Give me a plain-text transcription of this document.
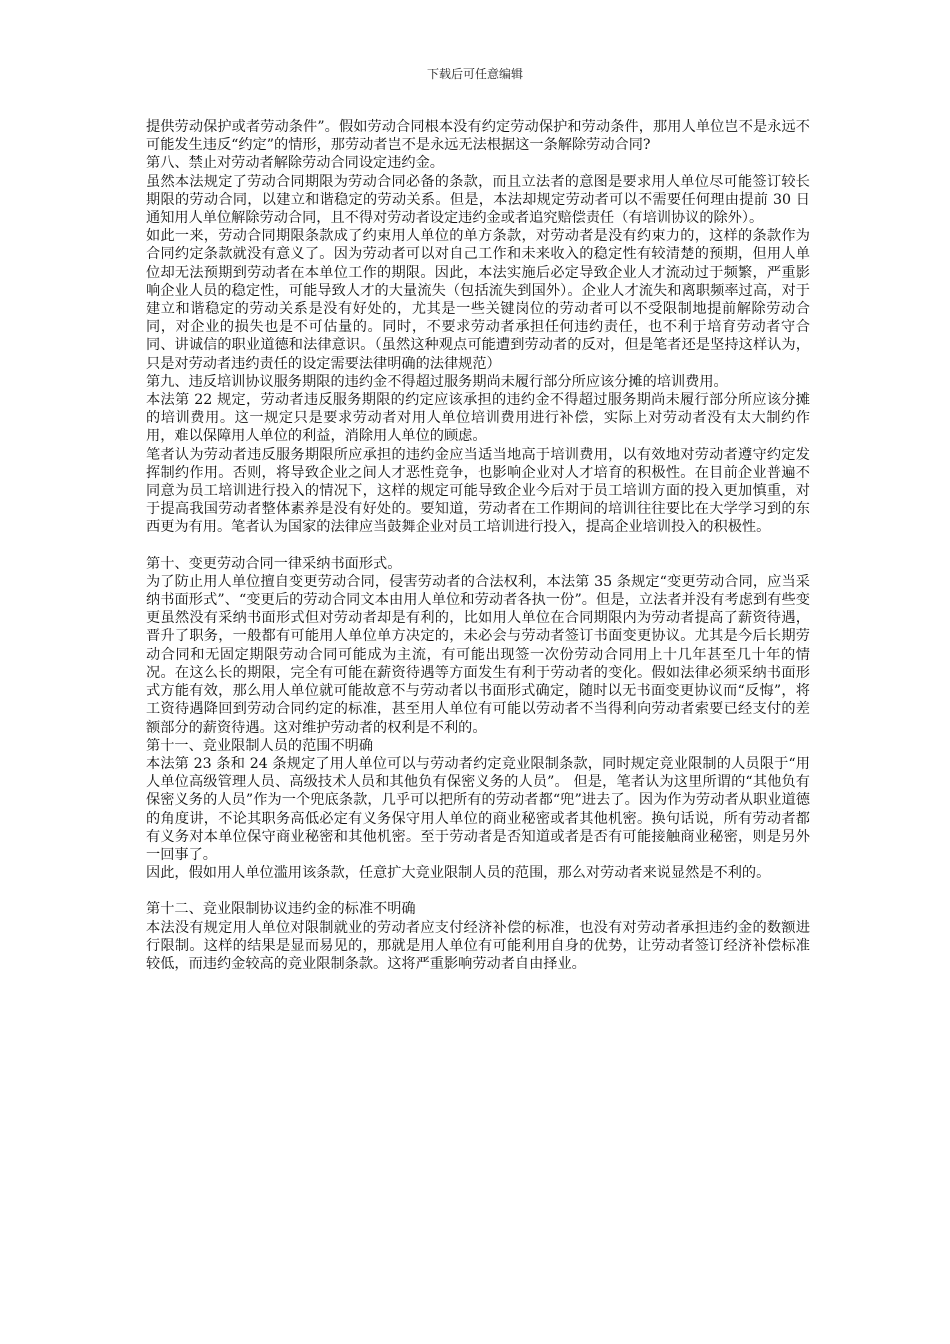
下载后可任意编辑

提供劳动保护或者劳动条件”。假如劳动合同根本没有约定劳动保护和劳动条件，那用人单位岂不是永远不可能发生违反“约定”的情形，那劳动者岂不是永远无法根据这一条解除劳动合同?

第八、禁止对劳动者解除劳动合同设定违约金。

虽然本法规定了劳动合同期限为劳动合同必备的条款，而且立法者的意图是要求用人单位尽可能签订较长期限的劳动合同，以建立和谐稳定的劳动关系。但是，本法却规定劳动者可以不需要任何理由提前 30 日通知用人单位解除劳动合同，且不得对劳动者设定违约金或者追究赔偿责任（有培训协议的除外）。

如此一来，劳动合同期限条款成了约束用人单位的单方条款，对劳动者是没有约束力的，这样的条款作为合同约定条款就没有意义了。因为劳动者可以对自己工作和未来收入的稳定性有较清楚的预期，但用人单位却无法预期到劳动者在本单位工作的期限。因此，本法实施后必定导致企业人才流动过于频繁，严重影响企业人员的稳定性，可能导致人才的大量流失（包括流失到国外）。企业人才流失和离职频率过高，对于建立和谐稳定的劳动关系是没有好处的，尤其是一些关键岗位的劳动者可以不受限制地提前解除劳动合同，对企业的损失也是不可估量的。同时，不要求劳动者承担任何违约责任，也不利于培育劳动者守合同、讲诚信的职业道德和法律意识。（虽然这种观点可能遭到劳动者的反对，但是笔者还是坚持这样认为，只是对劳动者违约责任的设定需要法律明确的法律规范）

第九、违反培训协议服务期限的违约金不得超过服务期尚未履行部分所应该分摊的培训费用。

本法第 22 规定，劳动者违反服务期限的约定应该承担的违约金不得超过服务期尚未履行部分所应该分摊的培训费用。这一规定只是要求劳动者对用人单位培训费用进行补偿，实际上对劳动者没有太大制约作用，难以保障用人单位的利益，消除用人单位的顾虑。

笔者认为劳动者违反服务期限所应承担的违约金应当适当地高于培训费用，以有效地对劳动者遵守约定发挥制约作用。否则，将导致企业之间人才恶性竞争，也影响企业对人才培育的积极性。在目前企业普遍不同意为员工培训进行投入的情况下，这样的规定可能导致企业今后对于员工培训方面的投入更加慎重，对于提高我国劳动者整体素养是没有好处的。要知道，劳动者在工作期间的培训往往要比在大学学习到的东西更为有用。笔者认为国家的法律应当鼓舞企业对员工培训进行投入，提高企业培训投入的积极性。

第十、变更劳动合同一律采纳书面形式。

为了防止用人单位擅自变更劳动合同，侵害劳动者的合法权利，本法第 35 条规定“变更劳动合同，应当采纳书面形式”、“变更后的劳动合同文本由用人单位和劳动者各执一份”。但是，立法者并没有考虑到有些变更虽然没有采纳书面形式但对劳动者却是有利的，比如用人单位在合同期限内为劳动者提高了薪资待遇，晋升了职务，一般都有可能用人单位单方决定的，未必会与劳动者签订书面变更协议。尤其是今后长期劳动合同和无固定期限劳动合同可能成为主流，有可能出现签一次份劳动合同用上十几年甚至几十年的情况。在这么长的期限，完全有可能在薪资待遇等方面发生有利于劳动者的变化。假如法律必须采纳书面形式方能有效，那么用人单位就可能故意不与劳动者以书面形式确定，随时以无书面变更协议而“反悔”，将工资待遇降回到劳动合同约定的标准，甚至用人单位有可能以劳动者不当得利向劳动者索要已经支付的差额部分的薪资待遇。这对维护劳动者的权利是不利的。

第十一、竞业限制人员的范围不明确

本法第 23 条和 24 条规定了用人单位可以与劳动者约定竞业限制条款，同时规定竞业限制的人员限于“用人单位高级管理人员、高级技术人员和其他负有保密义务的人员”。 但是，笔者认为这里所谓的“其他负有保密义务的人员”作为一个兜底条款，几乎可以把所有的劳动者都“兜”进去了。因为作为劳动者从职业道德的角度讲，不论其职务高低必定有义务保守用人单位的商业秘密或者其他机密。换句话说，所有劳动者都有义务对本单位保守商业秘密和其他机密。至于劳动者是否知道或者是否有可能接触商业秘密，则是另外一回事了。

因此，假如用人单位滥用该条款，任意扩大竞业限制人员的范围，那么对劳动者来说显然是不利的。

第十二、竞业限制协议违约金的标准不明确

本法没有规定用人单位对限制就业的劳动者应支付经济补偿的标准，也没有对劳动者承担违约金的数额进行限制。这样的结果是显而易见的，那就是用人单位有可能利用自身的优势，让劳动者签订经济补偿标准较低，而违约金较高的竞业限制条款。这将严重影响劳动者自由择业。
